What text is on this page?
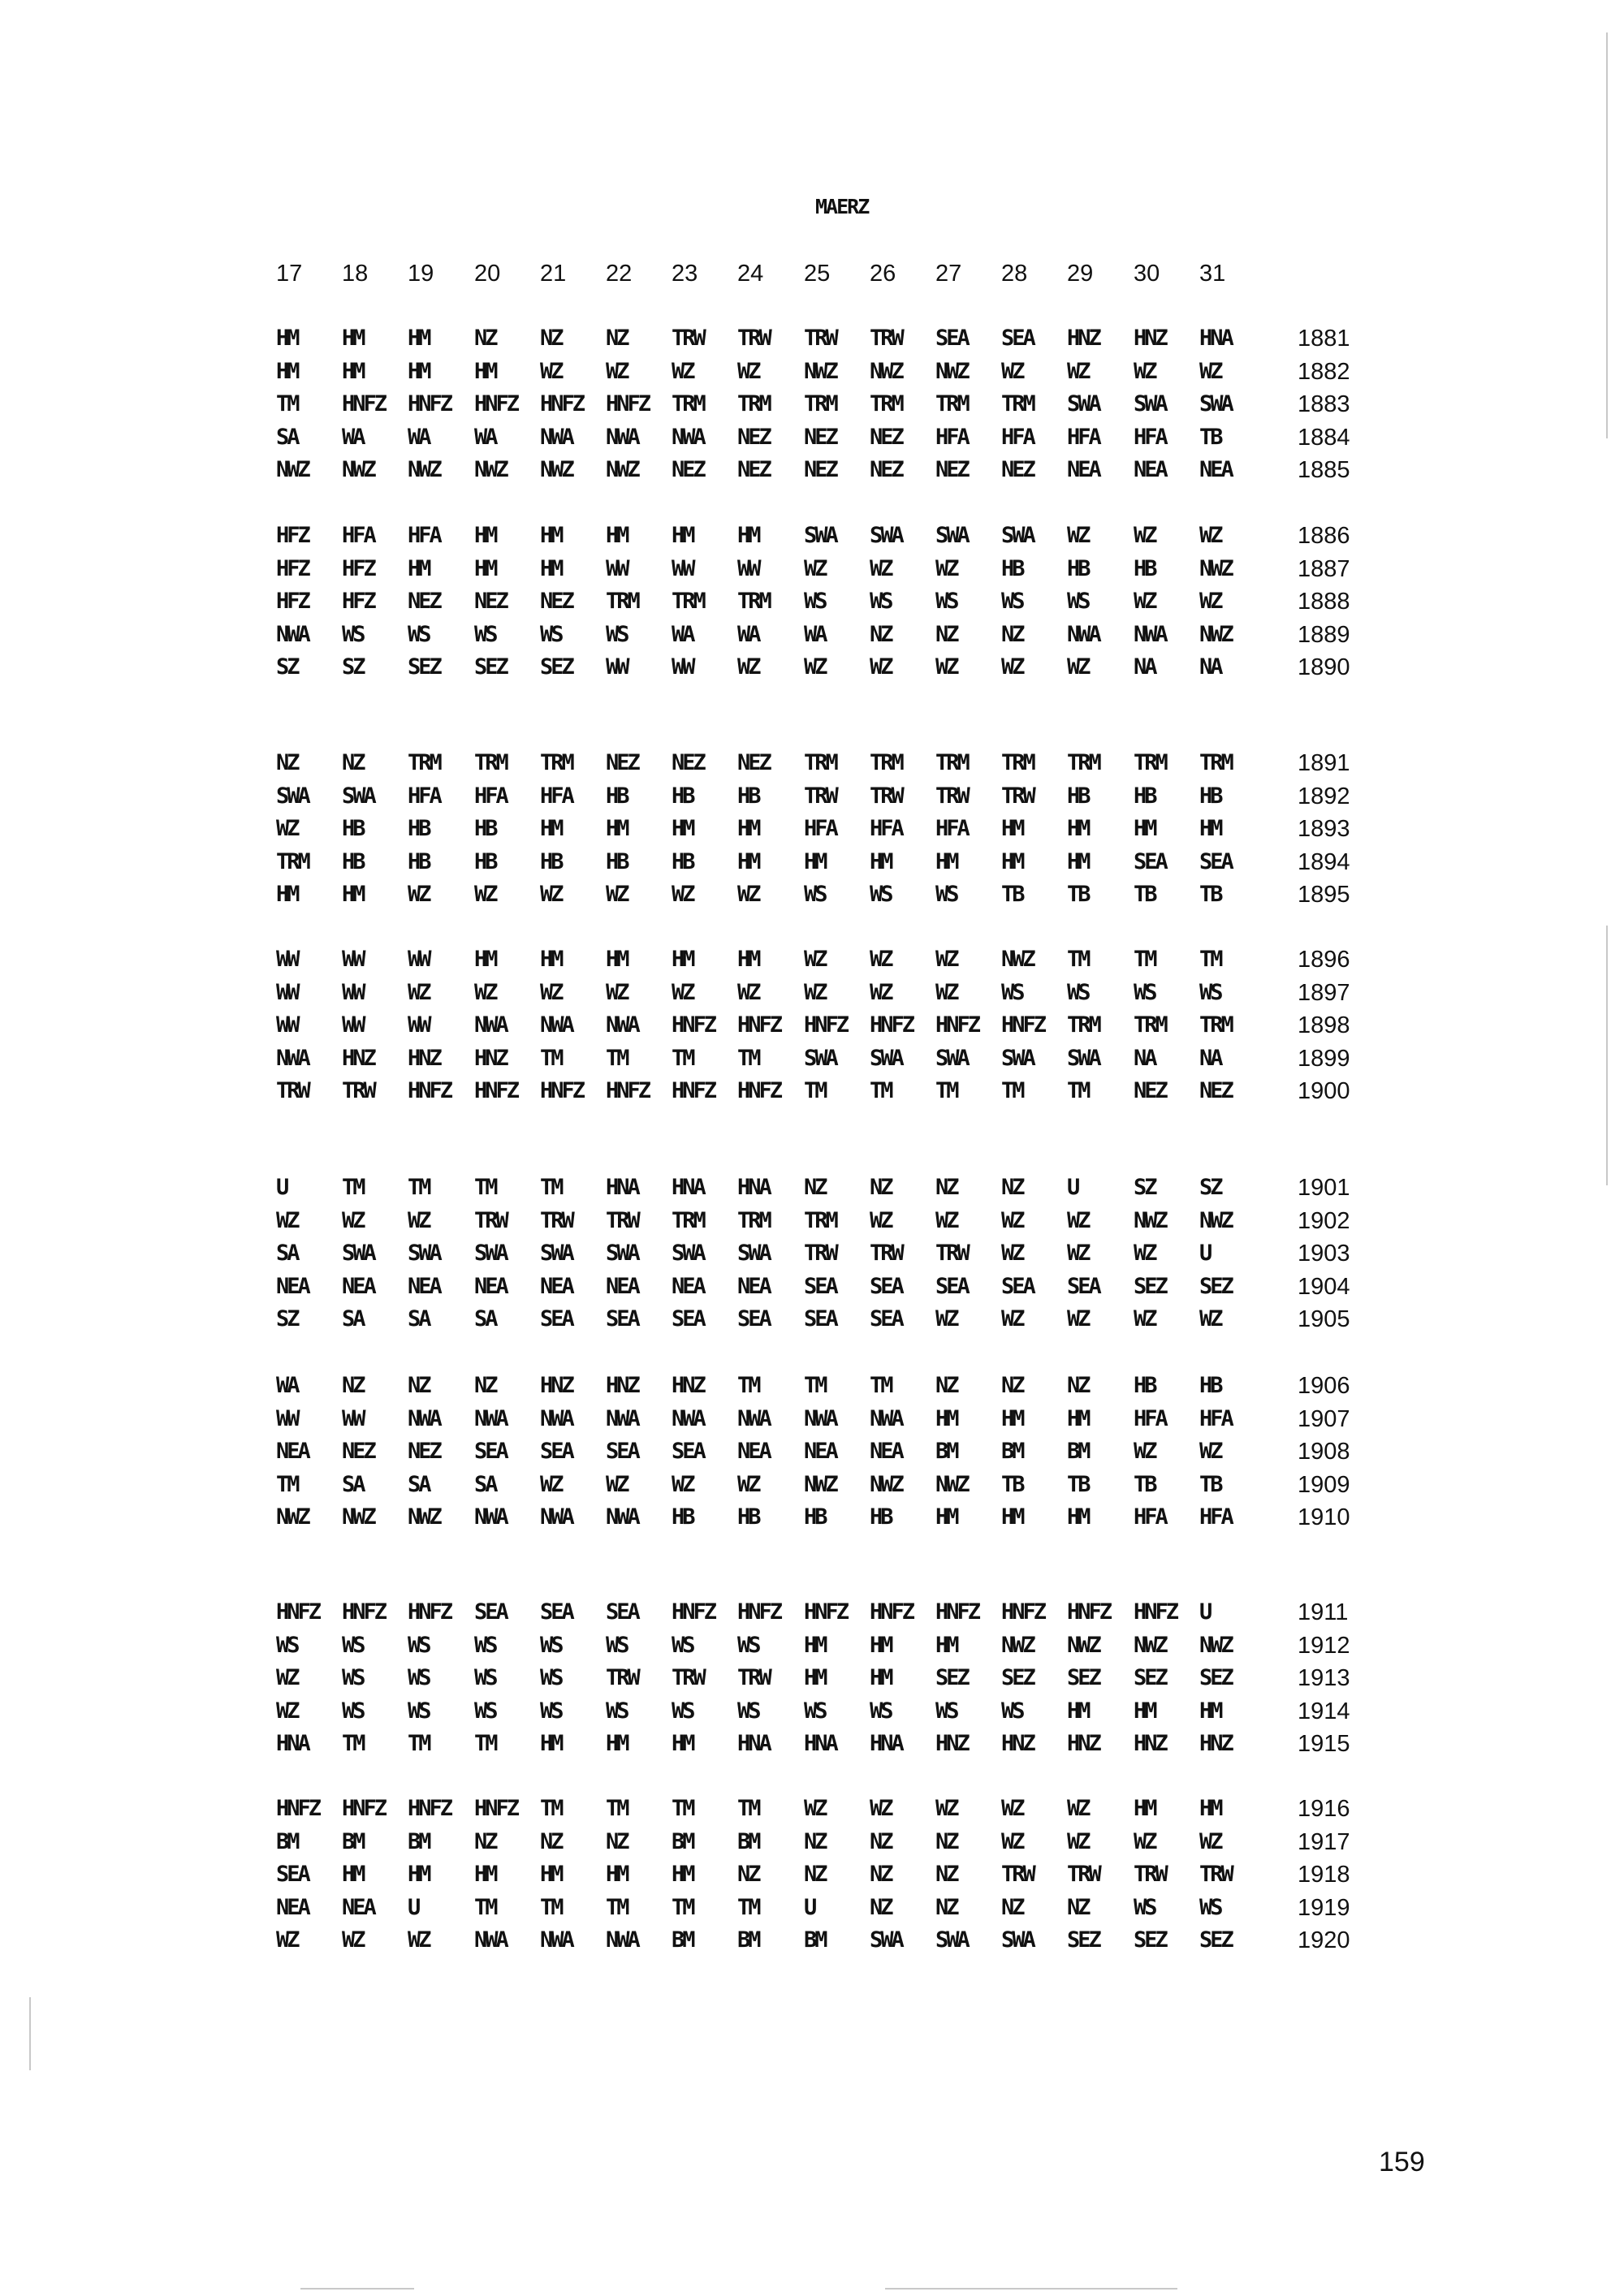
MAERZ
17 18 19 20 21 22 23 24 25 26 27 28 29 30 31
HM HM HM NZ NZ NZ TRW TRW TRW TRW SEA SEA HNZ HNZ HNA	1881
HM HM HM HM WZ WZ WZ WZ NWZ NWZ NWZ WZ WZ WZ WZ	1882
TM HNFZ HNFZ HNFZ HNFZ HNFZ TRM TRM TRM TRM TRM TRM SWA SWA SWA	1883
SA WA WA WA NWA NWA NWA NEZ NEZ NEZ HFA HFA HFA HFA TB	1884
NWZ NWZ NWZ NWZ NWZ NWZ NEZ NEZ NEZ NEZ NEZ NEZ NEA NEA NEA	1885
HFZ HFA HFA HM HM HM HM HM SWA SWA SWA SWA WZ WZ WZ	1886
HFZ HFZ HM HM HM WW WW WW WZ WZ WZ HB HB HB NWZ	1887
HFZ HFZ NEZ NEZ NEZ TRM TRM TRM WS WS WS WS WS WZ WZ	1888
NWA WS WS WS WS WS WA WA WA NZ NZ NZ NWA NWA NWZ	1889
SZ SZ SEZ SEZ SEZ WW WW WZ WZ WZ WZ WZ WZ NA NA	1890
NZ NZ TRM TRM TRM NEZ NEZ NEZ TRM TRM TRM TRM TRM TRM TRM	1891
SWA SWA HFA HFA HFA HB HB HB TRW TRW TRW TRW HB HB HB	1892
WZ HB HB HB HM HM HM HM HFA HFA HFA HM HM HM HM	1893
TRM HB HB HB HB HB HB HM HM HM HM HM HM SEA SEA	1894
HM HM WZ WZ WZ WZ WZ WZ WS WS WS TB TB TB TB	1895
WW WW WW HM HM HM HM HM WZ WZ WZ NWZ TM TM TM	1896
WW WW WZ WZ WZ WZ WZ WZ WZ WZ WZ WS WS WS WS	1897
WW WW WW NWA NWA NWA HNFZ HNFZ HNFZ HNFZ HNFZ HNFZ TRM TRM TRM	1898
NWA HNZ HNZ HNZ TM TM TM TM SWA SWA SWA SWA SWA NA NA	1899
TRW TRW HNFZ HNFZ HNFZ HNFZ HNFZ HNFZ TM TM TM TM TM NEZ NEZ	1900
U	TM TM TM TM HNA HNA HNA NZ NZ NZ NZ U	SZ SZ	1901
WZ WZ WZ TRW TRW TRW TRM TRM TRM WZ WZ WZ WZ NWZ NWZ	1902
SA SWA SWA SWA SWA SWA SWA SWA TRW TRW TRW WZ WZ WZ U	1903
NEA NEA NEA NEA NEA NEA NEA NEA SEA SEA SEA SEA SEA SEZ SEZ	1904
SZ SA SA SA SEA SEA SEA SEA SEA SEA WZ WZ WZ WZ WZ	1905
WA NZ NZ NZ HNZ HNZ HNZ TM TM TM NZ NZ NZ HB HB	1906
WW WW NWA NWA NWA NWA NWA NWA NWA NWA HM HM HM HFA HFA	1907
NEA NEZ NEZ SEA SEA SEA SEA NEA NEA NEA BM BM BM WZ WZ	1908
TM SA SA SA WZ WZ WZ WZ NWZ NWZ NWZ TB TB TB TB	1909
NWZ NWZ NWZ NWA NWA NWA HB HB HB HB HM HM HM HFA HFA	1910
HNFZ HNFZ HNFZ SEA SEA SEA HNFZ HNFZ HNFZ HNFZ HNFZ HNFZ HNFZ HNFZ U	1911
WS WS WS WS WS WS WS WS HM HM HM NWZ NWZ NWZ NWZ	1912
WZ WS WS WS WS TRW TRW TRW HM HM SEZ SEZ SEZ SEZ SEZ	1913
WZ WS WS WS WS WS WS WS WS WS WS WS HM HM HM	1914
HNA TM TM TM HM HM HM HNA HNA HNA HNZ HNZ HNZ HNZ HNZ	1915
HNFZ HNFZ HNFZ HNFZ TM TM TM TM WZ WZ WZ WZ WZ HM HM	1916
BM BM BM NZ NZ NZ BM BM NZ NZ NZ WZ WZ WZ WZ	1917
SEA HM HM HM HM HM HM NZ NZ NZ NZ TRW TRW TRW TRW	1918
NEA NEA U	TM TM TM TM TM U	NZ NZ NZ NZ WS WS	1919
WZ WZ WZ NWA NWA NWA BM BM BM SWA SWA SWA SEZ SEZ SEZ	1920
159
